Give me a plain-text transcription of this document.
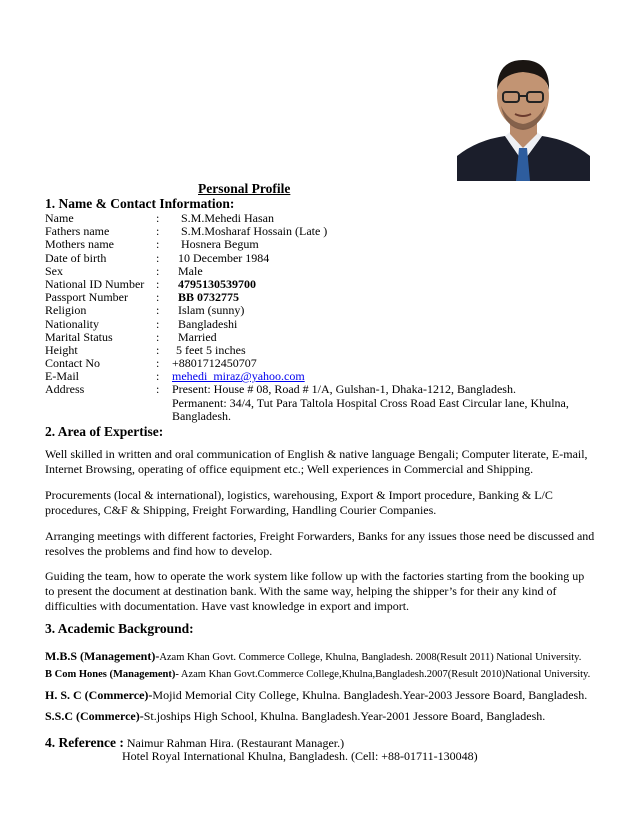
Personal Profile
1. Name & Contact Information:
Name	: S.M.Mehedi Hasan
Fathers name	: S.M.Mosharaf Hossain (Late )
Mothers name	: Hosnera Begum
Date of birth	: 10 December 1984
Sex	: Male
National ID Number : 4795130539700
Passport Number : BB 0732775
Religion	: Islam (sunny)
Nationality	: Bangladeshi
Marital Status	: Married
Height	: 5 feet 5 inches
Contact No	: +8801712450707
E-Mail	: mehedi_miraz@yahoo.com
Address	: Present: House # 08, Road # 1/A, Gulshan-1, Dhaka-1212, Bangladesh.
Permanent: 34/4, Tut Para Taltola Hospital Cross Road East Circular lane, Khulna,
Bangladesh.
2. Area of Expertise:
Well skilled in written and oral communication of English & native language Bengali; Computer literate, E-mail, Internet Browsing, operating of office equipment etc.; Well experiences in Commercial and Shipping.
Procurements (local & international), logistics, warehousing, Export & Import procedure, Banking & L/C procedures, C&F & Shipping, Freight Forwarding, Handling Courier Companies.
Arranging meetings with different factories, Freight Forwarders, Banks for any issues those need be discussed and resolves the problems and find how to develop.
Guiding the team, how to operate the work system like follow up with the factories starting from the booking up to present the document at destination bank. With the same way, helping the shipper’s for their any kind of difficulties with documentation. Have vast knowledge in export and import.
3. Academic Background:
M.B.S (Management)-Azam Khan Govt. Commerce College, Khulna, Bangladesh. 2008(Result 2011) National University.
B Com Hones (Management)- Azam Khan Govt.Commerce College,Khulna,Bangladesh.2007(Result 2010)National University.
H. S. C (Commerce)-Mojid Memorial City College, Khulna. Bangladesh.Year-2003 Jessore Board, Bangladesh.
S.S.C (Commerce)-St.joships High School, Khulna. Bangladesh.Year-2001 Jessore Board, Bangladesh.
4. Reference : Naimur Rahman Hira. (Restaurant Manager.)
Hotel Royal International Khulna, Bangladesh. (Cell: +88-01711-130048)
